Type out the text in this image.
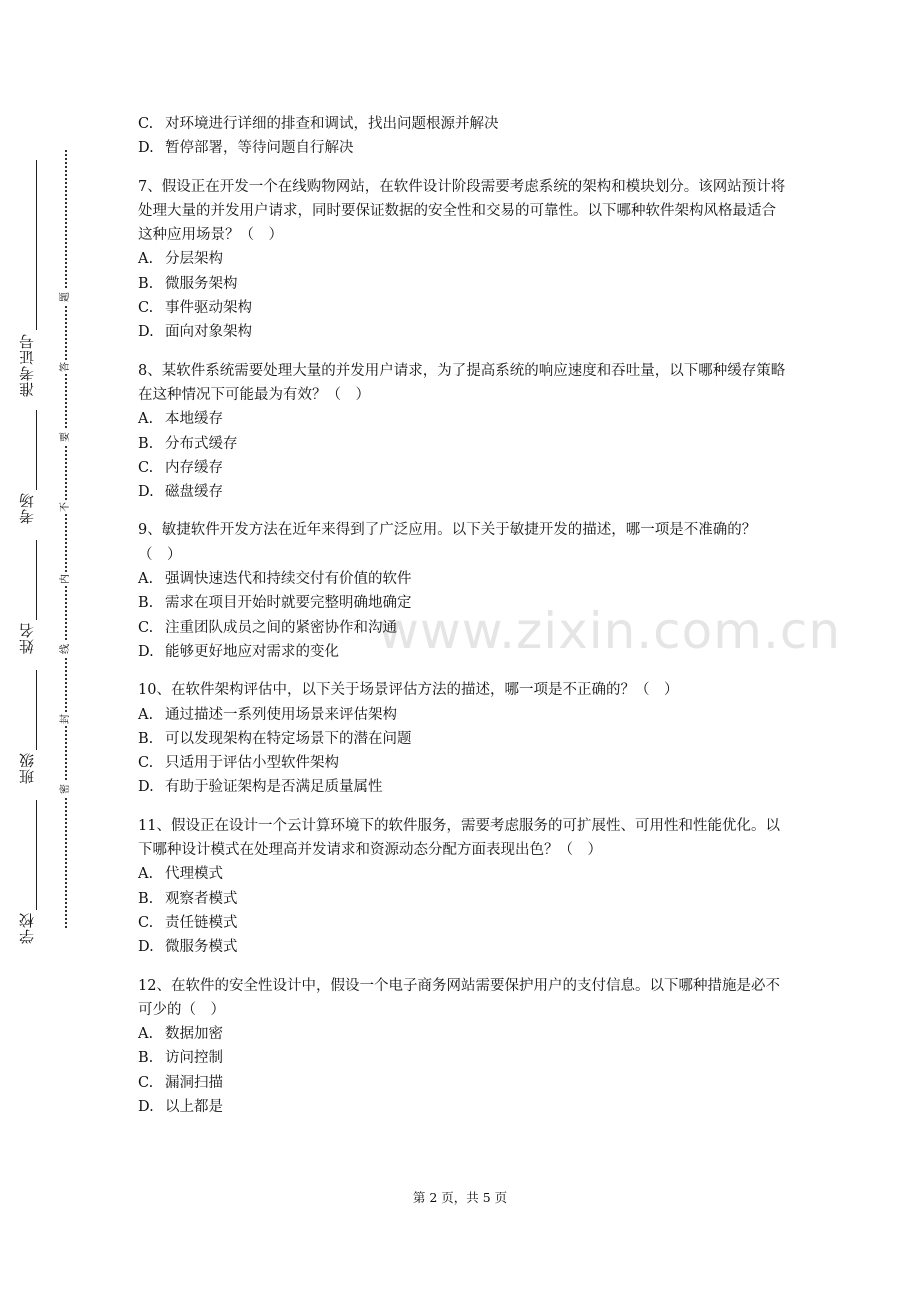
准考证号
考场
姓名
班级
学校
题
答
要
不
内
线
封
密
www.zixin.com.cn
C. 对环境进行详细的排查和调试，找出问题根源并解决
D. 暂停部署，等待问题自行解决
7、假设正在开发一个在线购物网站，在软件设计阶段需要考虑系统的架构和模块划分。该网站预计将处理大量的并发用户请求，同时要保证数据的安全性和交易的可靠性。以下哪种软件架构风格最适合这种应用场景？（　）
A. 分层架构
B. 微服务架构
C. 事件驱动架构
D. 面向对象架构
8、某软件系统需要处理大量的并发用户请求，为了提高系统的响应速度和吞吐量，以下哪种缓存策略在这种情况下可能最为有效？（　）
A. 本地缓存
B. 分布式缓存
C. 内存缓存
D. 磁盘缓存
9、敏捷软件开发方法在近年来得到了广泛应用。以下关于敏捷开发的描述，哪一项是不准确的？（　）
A. 强调快速迭代和持续交付有价值的软件
B. 需求在项目开始时就要完整明确地确定
C. 注重团队成员之间的紧密协作和沟通
D. 能够更好地应对需求的变化
10、在软件架构评估中，以下关于场景评估方法的描述，哪一项是不正确的？（　）
A. 通过描述一系列使用场景来评估架构
B. 可以发现架构在特定场景下的潜在问题
C. 只适用于评估小型软件架构
D. 有助于验证架构是否满足质量属性
11、假设正在设计一个云计算环境下的软件服务，需要考虑服务的可扩展性、可用性和性能优化。以下哪种设计模式在处理高并发请求和资源动态分配方面表现出色？（　）
A. 代理模式
B. 观察者模式
C. 责任链模式
D. 微服务模式
12、在软件的安全性设计中，假设一个电子商务网站需要保护用户的支付信息。以下哪种措施是必不可少的（　）
A. 数据加密
B. 访问控制
C. 漏洞扫描
D. 以上都是
第 2 页，共 5 页
